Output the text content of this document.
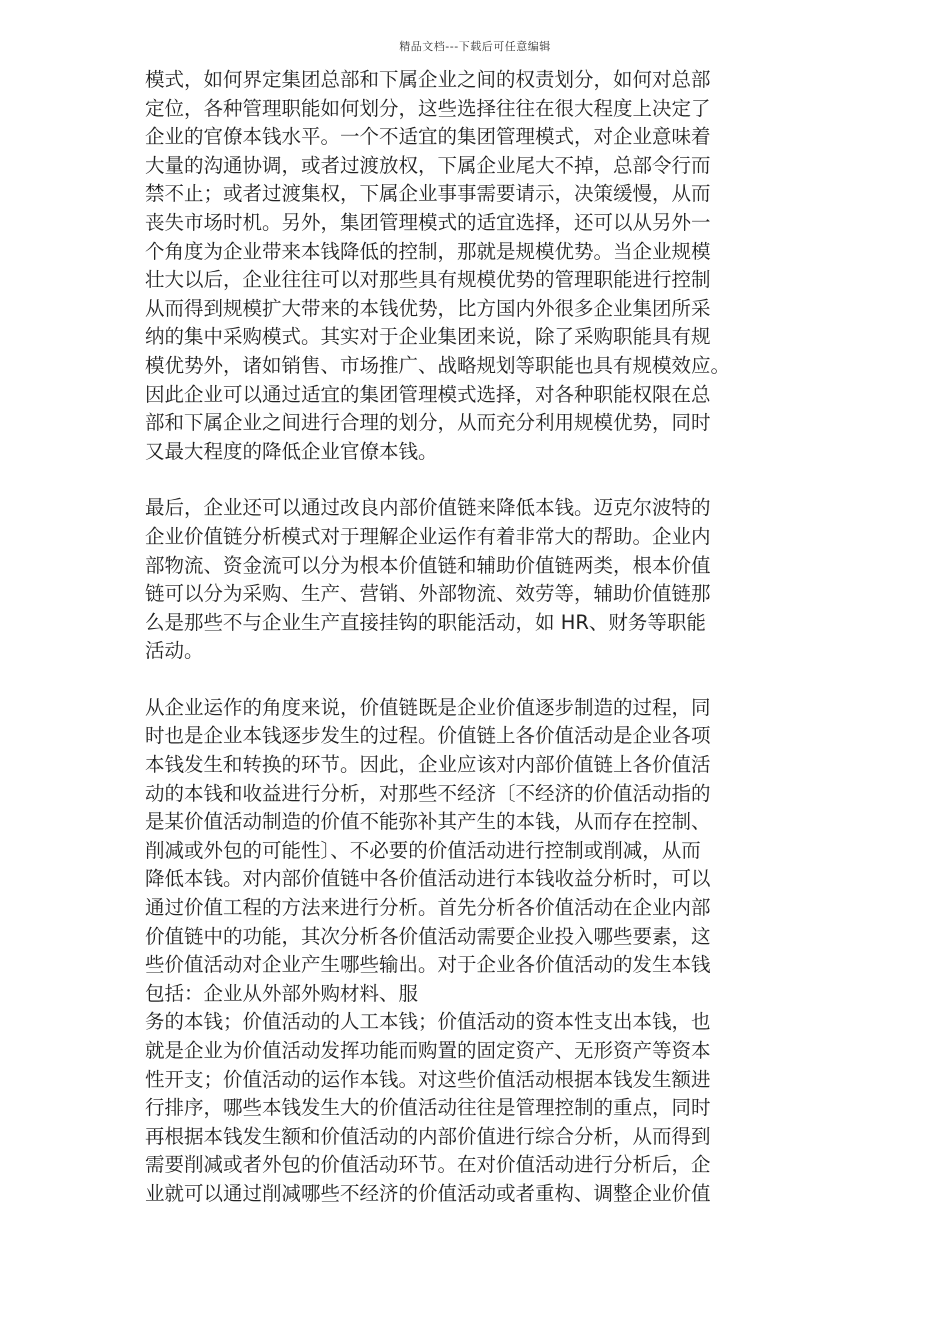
精品文档---下载后可任意编辑
模式，如何界定集团总部和下属企业之间的权责划分，如何对总部
定位，各种管理职能如何划分，这些选择往往在很大程度上决定了
企业的官僚本钱水平。一个不适宜的集团管理模式，对企业意味着
大量的沟通协调，或者过渡放权，下属企业尾大不掉，总部令行而
禁不止；或者过渡集权，下属企业事事需要请示，决策缓慢，从而
丧失市场时机。另外，集团管理模式的适宜选择，还可以从另外一
个角度为企业带来本钱降低的控制，那就是规模优势。当企业规模
壮大以后，企业往往可以对那些具有规模优势的管理职能进行控制
从而得到规模扩大带来的本钱优势，比方国内外很多企业集团所采
纳的集中采购模式。其实对于企业集团来说，除了采购职能具有规
模优势外，诸如销售、市场推广、战略规划等职能也具有规模效应。
因此企业可以通过适宜的集团管理模式选择，对各种职能权限在总
部和下属企业之间进行合理的划分，从而充分利用规模优势，同时
又最大程度的降低企业官僚本钱。
最后，企业还可以通过改良内部价值链来降低本钱。迈克尔波特的
企业价值链分析模式对于理解企业运作有着非常大的帮助。企业内
部物流、资金流可以分为根本价值链和辅助价值链两类，根本价值
链可以分为采购、生产、营销、外部物流、效劳等，辅助价值链那
么是那些不与企业生产直接挂钩的职能活动，如 HR、财务等职能
活动。
从企业运作的角度来说，价值链既是企业价值逐步制造的过程，同
时也是企业本钱逐步发生的过程。价值链上各价值活动是企业各项
本钱发生和转换的环节。因此，企业应该对内部价值链上各价值活
动的本钱和收益进行分析，对那些不经济〔不经济的价值活动指的
是某价值活动制造的价值不能弥补其产生的本钱，从而存在控制、
削减或外包的可能性〕、不必要的价值活动进行控制或削减，从而
降低本钱。对内部价值链中各价值活动进行本钱收益分析时，可以
通过价值工程的方法来进行分析。首先分析各价值活动在企业内部
价值链中的功能，其次分析各价值活动需要企业投入哪些要素，这
些价值活动对企业产生哪些输出。对于企业各价值活动的发生本钱
包括：企业从外部外购材料、服
务的本钱；价值活动的人工本钱；价值活动的资本性支出本钱，也
就是企业为价值活动发挥功能而购置的固定资产、无形资产等资本
性开支；价值活动的运作本钱。对这些价值活动根据本钱发生额进
行排序，哪些本钱发生大的价值活动往往是管理控制的重点，同时
再根据本钱发生额和价值活动的内部价值进行综合分析，从而得到
需要削减或者外包的价值活动环节。在对价值活动进行分析后，企
业就可以通过削减哪些不经济的价值活动或者重构、调整企业价值
